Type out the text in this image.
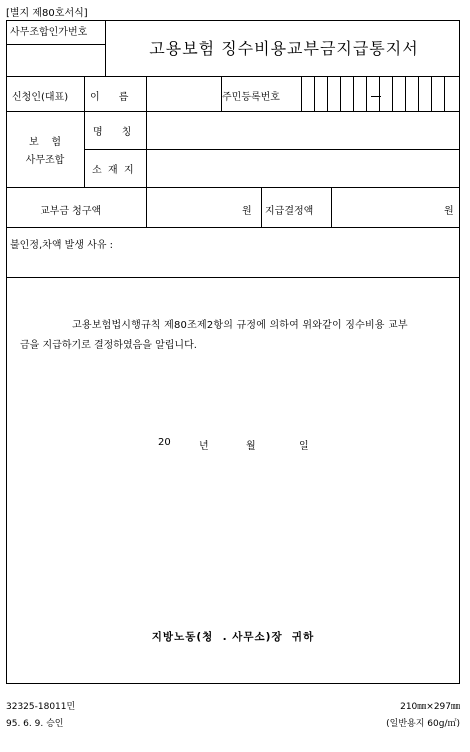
[별지 제80호서식]
사무조합인가번호
고용보험 징수비용교부금지급통지서
신청인(대표) 이      름	주민등록번호
보    험
사무조합
명      칭
소  재  지
교부금 청구액	원 지급결정액	원
불인정,차액 발생 사유 :
고용보험법시행규칙 제80조제2항의 규정에 의하여 위와같이 징수비용 교부
금을 지급하기로 결정하였음을 알립니다.
20	년	월	일
지방노동(청  . 사무소)장  귀하
32325-18011민	210㎜×297㎜
95. 6. 9. 승인	(일반용지 60g/㎡)
